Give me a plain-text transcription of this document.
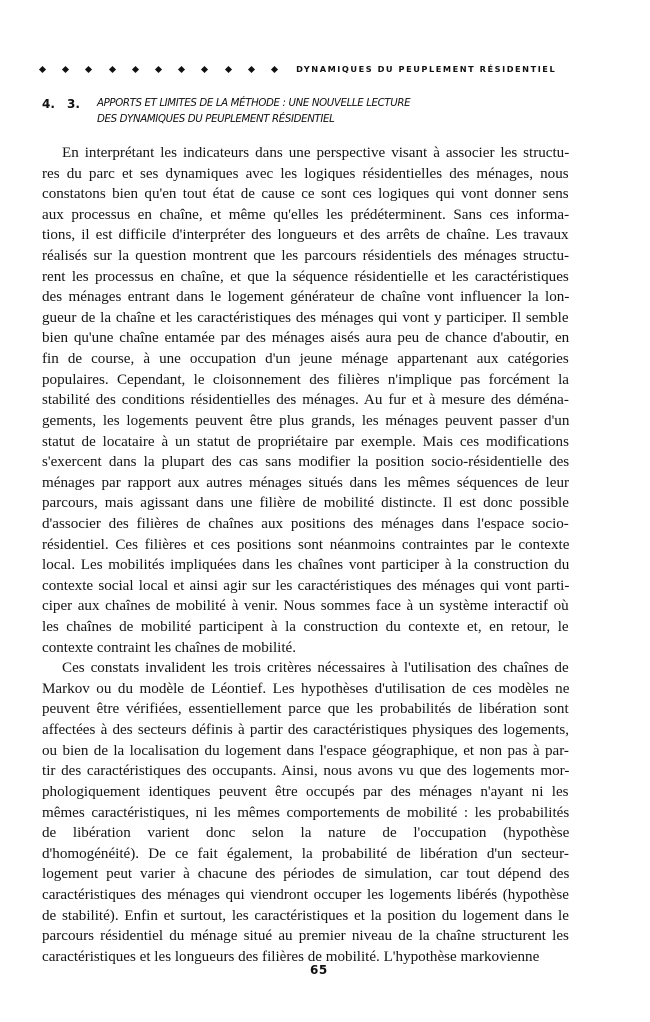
DYNAMIQUES DU PEUPLEMENT RÉSIDENTIEL
4. 3. APPORTS ET LIMITES DE LA MÉTHODE : UNE NOUVELLE LECTURE
DES DYNAMIQUES DU PEUPLEMENT RÉSIDENTIEL
En interprétant les indicateurs dans une perspective visant à associer les structu-
res du parc et ses dynamiques avec les logiques résidentielles des ménages, nous
constatons bien qu'en tout état de cause ce sont ces logiques qui vont donner sens
aux processus en chaîne, et même qu'elles les prédéterminent. Sans ces informa-
tions, il est difficile d'interpréter des longueurs et des arrêts de chaîne. Les travaux
réalisés sur la question montrent que les parcours résidentiels des ménages structu-
rent les processus en chaîne, et que la séquence résidentielle et les caractéristiques
des ménages entrant dans le logement générateur de chaîne vont influencer la lon-
gueur de la chaîne et les caractéristiques des ménages qui vont y participer. Il semble
bien qu'une chaîne entamée par des ménages aisés aura peu de chance d'aboutir, en
fin de course, à une occupation d'un jeune ménage appartenant aux catégories
populaires. Cependant, le cloisonnement des filières n'implique pas forcément la
stabilité des conditions résidentielles des ménages. Au fur et à mesure des déména-
gements, les logements peuvent être plus grands, les ménages peuvent passer d'un
statut de locataire à un statut de propriétaire par exemple. Mais ces modifications
s'exercent dans la plupart des cas sans modifier la position socio-résidentielle des
ménages par rapport aux autres ménages situés dans les mêmes séquences de leur
parcours, mais agissant dans une filière de mobilité distincte. Il est donc possible
d'associer des filières de chaînes aux positions des ménages dans l'espace socio-
résidentiel. Ces filières et ces positions sont néanmoins contraintes par le contexte
local. Les mobilités impliquées dans les chaînes vont participer à la construction du
contexte social local et ainsi agir sur les caractéristiques des ménages qui vont parti-
ciper aux chaînes de mobilité à venir. Nous sommes face à un système interactif où
les chaînes de mobilité participent à la construction du contexte et, en retour, le
contexte contraint les chaînes de mobilité.
Ces constats invalident les trois critères nécessaires à l'utilisation des chaînes de
Markov ou du modèle de Léontief. Les hypothèses d'utilisation de ces modèles ne
peuvent être vérifiées, essentiellement parce que les probabilités de libération sont
affectées à des secteurs définis à partir des caractéristiques physiques des logements,
ou bien de la localisation du logement dans l'espace géographique, et non pas à par-
tir des caractéristiques des occupants. Ainsi, nous avons vu que des logements mor-
phologiquement identiques peuvent être occupés par des ménages n'ayant ni les
mêmes caractéristiques, ni les mêmes comportements de mobilité : les probabilités
de libération varient donc selon la nature de l'occupation (hypothèse
d'homogénéité). De ce fait également, la probabilité de libération d'un secteur-
logement peut varier à chacune des périodes de simulation, car tout dépend des
caractéristiques des ménages qui viendront occuper les logements libérés (hypothèse
de stabilité). Enfin et surtout, les caractéristiques et la position du logement dans le
parcours résidentiel du ménage situé au premier niveau de la chaîne structurent les
caractéristiques et les longueurs des filières de mobilité. L'hypothèse markovienne
65
